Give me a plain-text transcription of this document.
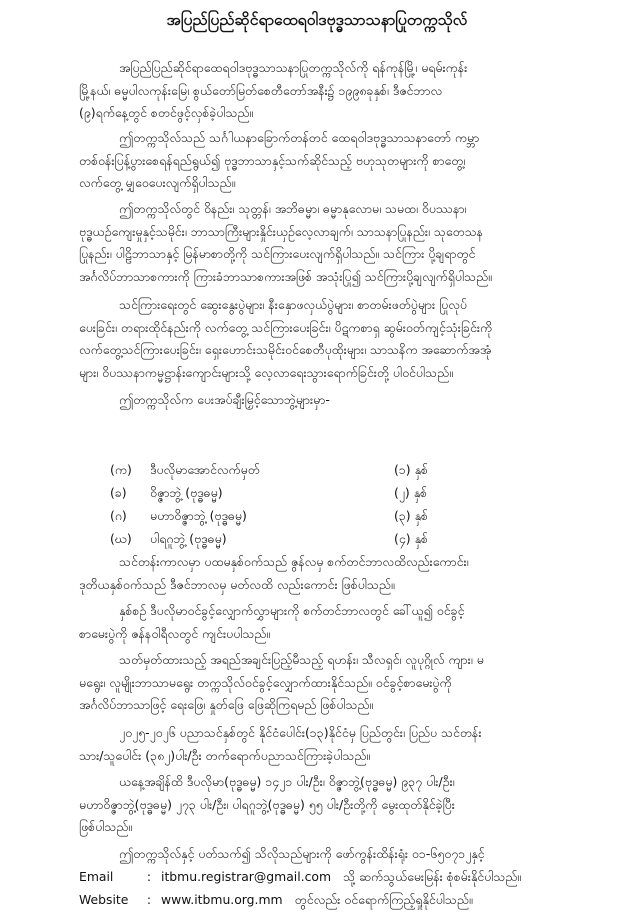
အပြည်ပြည်ဆိုင်ရာထေရဝါဒဗုဒ္ဓသာသနာပြုတက္ကသိုလ်
အပြည်ပြည်ဆိုင်ရာထေရဝါဒဗုဒ္ဓသာသနာပြုတက္ကသိုလ်ကို ရန်ကုန်မြို့၊ မရမ်းကုန်း
မြို့နယ်၊ ဓမ္မပါလကုန်းမြေ၊ စွယ်တော်မြတ်စေတီတော်အနီး၌ ၁၉၉၈ခုနှစ်၊ ဒီဇင်ဘာလ
(၉)ရက်နေ့တွင် စတင်ဖွင့်လှစ်ခဲ့ပါသည်။
ဤတက္ကသိုလ်သည် သင်္ဂါယနာခြောက်တန်တင် ထေရဝါဒဗုဒ္ဓသာသနာတော် ကမ္ဘာ
တစ်ဝန်းပြန့်ပွားစေရန်ရည်ရွယ်၍ ဗုဒ္ဓဘာသာနှင့်သက်ဆိုင်သည့် ဗဟုသုတများကို စာတွေ့၊
လက်တွေ့ မျှဝေပေးလျက်ရှိပါသည်။
ဤတက္ကသိုလ်တွင် ဝိနည်း၊ သုတ္တန်၊ အဘိဓမ္မာ၊ ဓမ္မာနုလောမ၊ သမထ၊ ဝိပဿနာ၊
ဗုဒ္ဓယဉ်ကျေးမှုနှင့်သမိုင်း၊ ဘာသာကြီးများနှိုင်းယှဉ်လေ့လာချက်၊ သာသနာပြုနည်း၊ သုတေသန
ပြုနည်း၊ ပါဠိဘာသာနှင့် မြန်မာစာတို့ကို သင်ကြားပေးလျက်ရှိပါသည်။ သင်ကြား ပို့ချရာတွင်
အင်္ဂလိပ်ဘာသာစကားကို ကြားခံဘာသာစကားအဖြစ် အသုံးပြု၍ သင်ကြားပို့ချလျက်ရှိပါသည်။
သင်ကြားရေးတွင် ဆွေးနွေးပွဲများ၊ နီးနှောဖလှယ်ပွဲများ၊ စာတမ်းဖတ်ပွဲများ ပြုလုပ်
ပေးခြင်း၊ တရားထိုင်နည်းကို လက်တွေ့ သင်ကြားပေးခြင်း၊ ပိဋကစာရှ ဆွမ်းဝတ်ကျင့်သုံးခြင်းကို
လက်တွေ့သင်ကြားပေးခြင်း၊ ရှေးဟောင်းသမိုင်းဝင်စေတီပုထိုးများ၊ သာသနိက အဆောက်အအုံ
များ၊ ဝိပဿနာကမ္မဋ္ဌာန်းကျောင်းများသို့ လေ့လာရေးသွားရောက်ခြင်းတို့ ပါဝင်ပါသည်။
ဤတက္ကသိုလ်က ပေးအပ်ချီးမြှင့်သောဘွဲ့များမှာ-
(က)	ဒီပလိုမာအောင်လက်မှတ်	(၁) နှစ်
(ခ)	ဝိဇ္ဇာဘွဲ့ (ဗုဒ္ဓဓမ္မ)	(၂) နှစ်
(ဂ)	မဟာဝိဇ္ဇာဘွဲ့ (ဗုဒ္ဓဓမ္မ)	(၃) နှစ်
(ဃ)	ပါရဂူဘွဲ့ (ဗုဒ္ဓဓမ္မ)	(၄) နှစ်
သင်တန်းကာလမှာ ပထမနှစ်ဝက်သည် ဇွန်လမှ စက်တင်ဘာလထိလည်းကောင်း၊
ဒုတိယနှစ်ဝက်သည် ဒီဇင်ဘာလမှ မတ်လထိ လည်းကောင်း ဖြစ်ပါသည်။
နှစ်စဉ် ဒီပလိုမာဝင်ခွင့်လျှောက်လွှာများကို စက်တင်ဘာလတွင် ခေါ်ယူ၍ ဝင်ခွင့်
စာမေးပွဲကို ဇန်နဝါရီလတွင် ကျင်းပပါသည်။
သတ်မှတ်ထားသည့် အရည်အချင်းပြည့်မီသည့် ရဟန်း၊ သီလရှင်၊ လူပုဂ္ဂိုလ် ကျား၊ မ
မရွေး၊ လူမျိုးဘာသာမရွေး တက္ကသိုလ်ဝင်ခွင့်လျှောက်ထားနိုင်သည်။ ဝင်ခွင့်စာမေးပွဲကို
အင်္ဂလိပ်ဘာသာဖြင့် ရေးဖြေ၊ နှုတ်ဖြေ ဖြေဆိုကြရမည် ဖြစ်ပါသည်။
၂၀၂၅-၂၀၂၆ ပညာသင်နှစ်တွင် နိုင်ငံပေါင်း(၁၃)နိုင်ငံမှ ပြည်တွင်း၊ ပြည်ပ သင်တန်း
သား/သူပေါင်း (၃၈၂)ပါး/ဦး တက်ရောက်ပညာသင်ကြားခဲ့ပါသည်။
ယနေ့အချိန်ထိ ဒီပလိုမာ(ဗုဒ္ဓဓမ္မ) ၁၄၂၁ ပါး/ဦး၊ ဝိဇ္ဇာဘွဲ့(ဗုဒ္ဓဓမ္မ) ၉၃၇ ပါး/ဦး၊
မဟာဝိဇ္ဇာဘွဲ့(ဗုဒ္ဓဓမ္မ) ၂၇၃ ပါး/ဦး၊ ပါရဂူဘွဲ့(ဗုဒ္ဓဓမ္မ) ၅၅ ပါး/ဦးတို့ကို မွေးထုတ်နိုင်ခဲ့ပြီး
ဖြစ်ပါသည်။
ဤတက္ကသိုလ်နှင့် ပတ်သက်၍ သိလိုသည်များကို ဖော်ကွန်းထိန်းရုံး ၀၁-၆၅၀၇၁၂နှင့်
Email	: itbmu.registrar@gmail.com သို့ ဆက်သွယ်မေးမြန်း စုံစမ်းနိုင်ပါသည်။
Website : www.itbmu.org.mm တွင်လည်း ဝင်ရောက်ကြည့်ရှုနိုင်ပါသည်။
